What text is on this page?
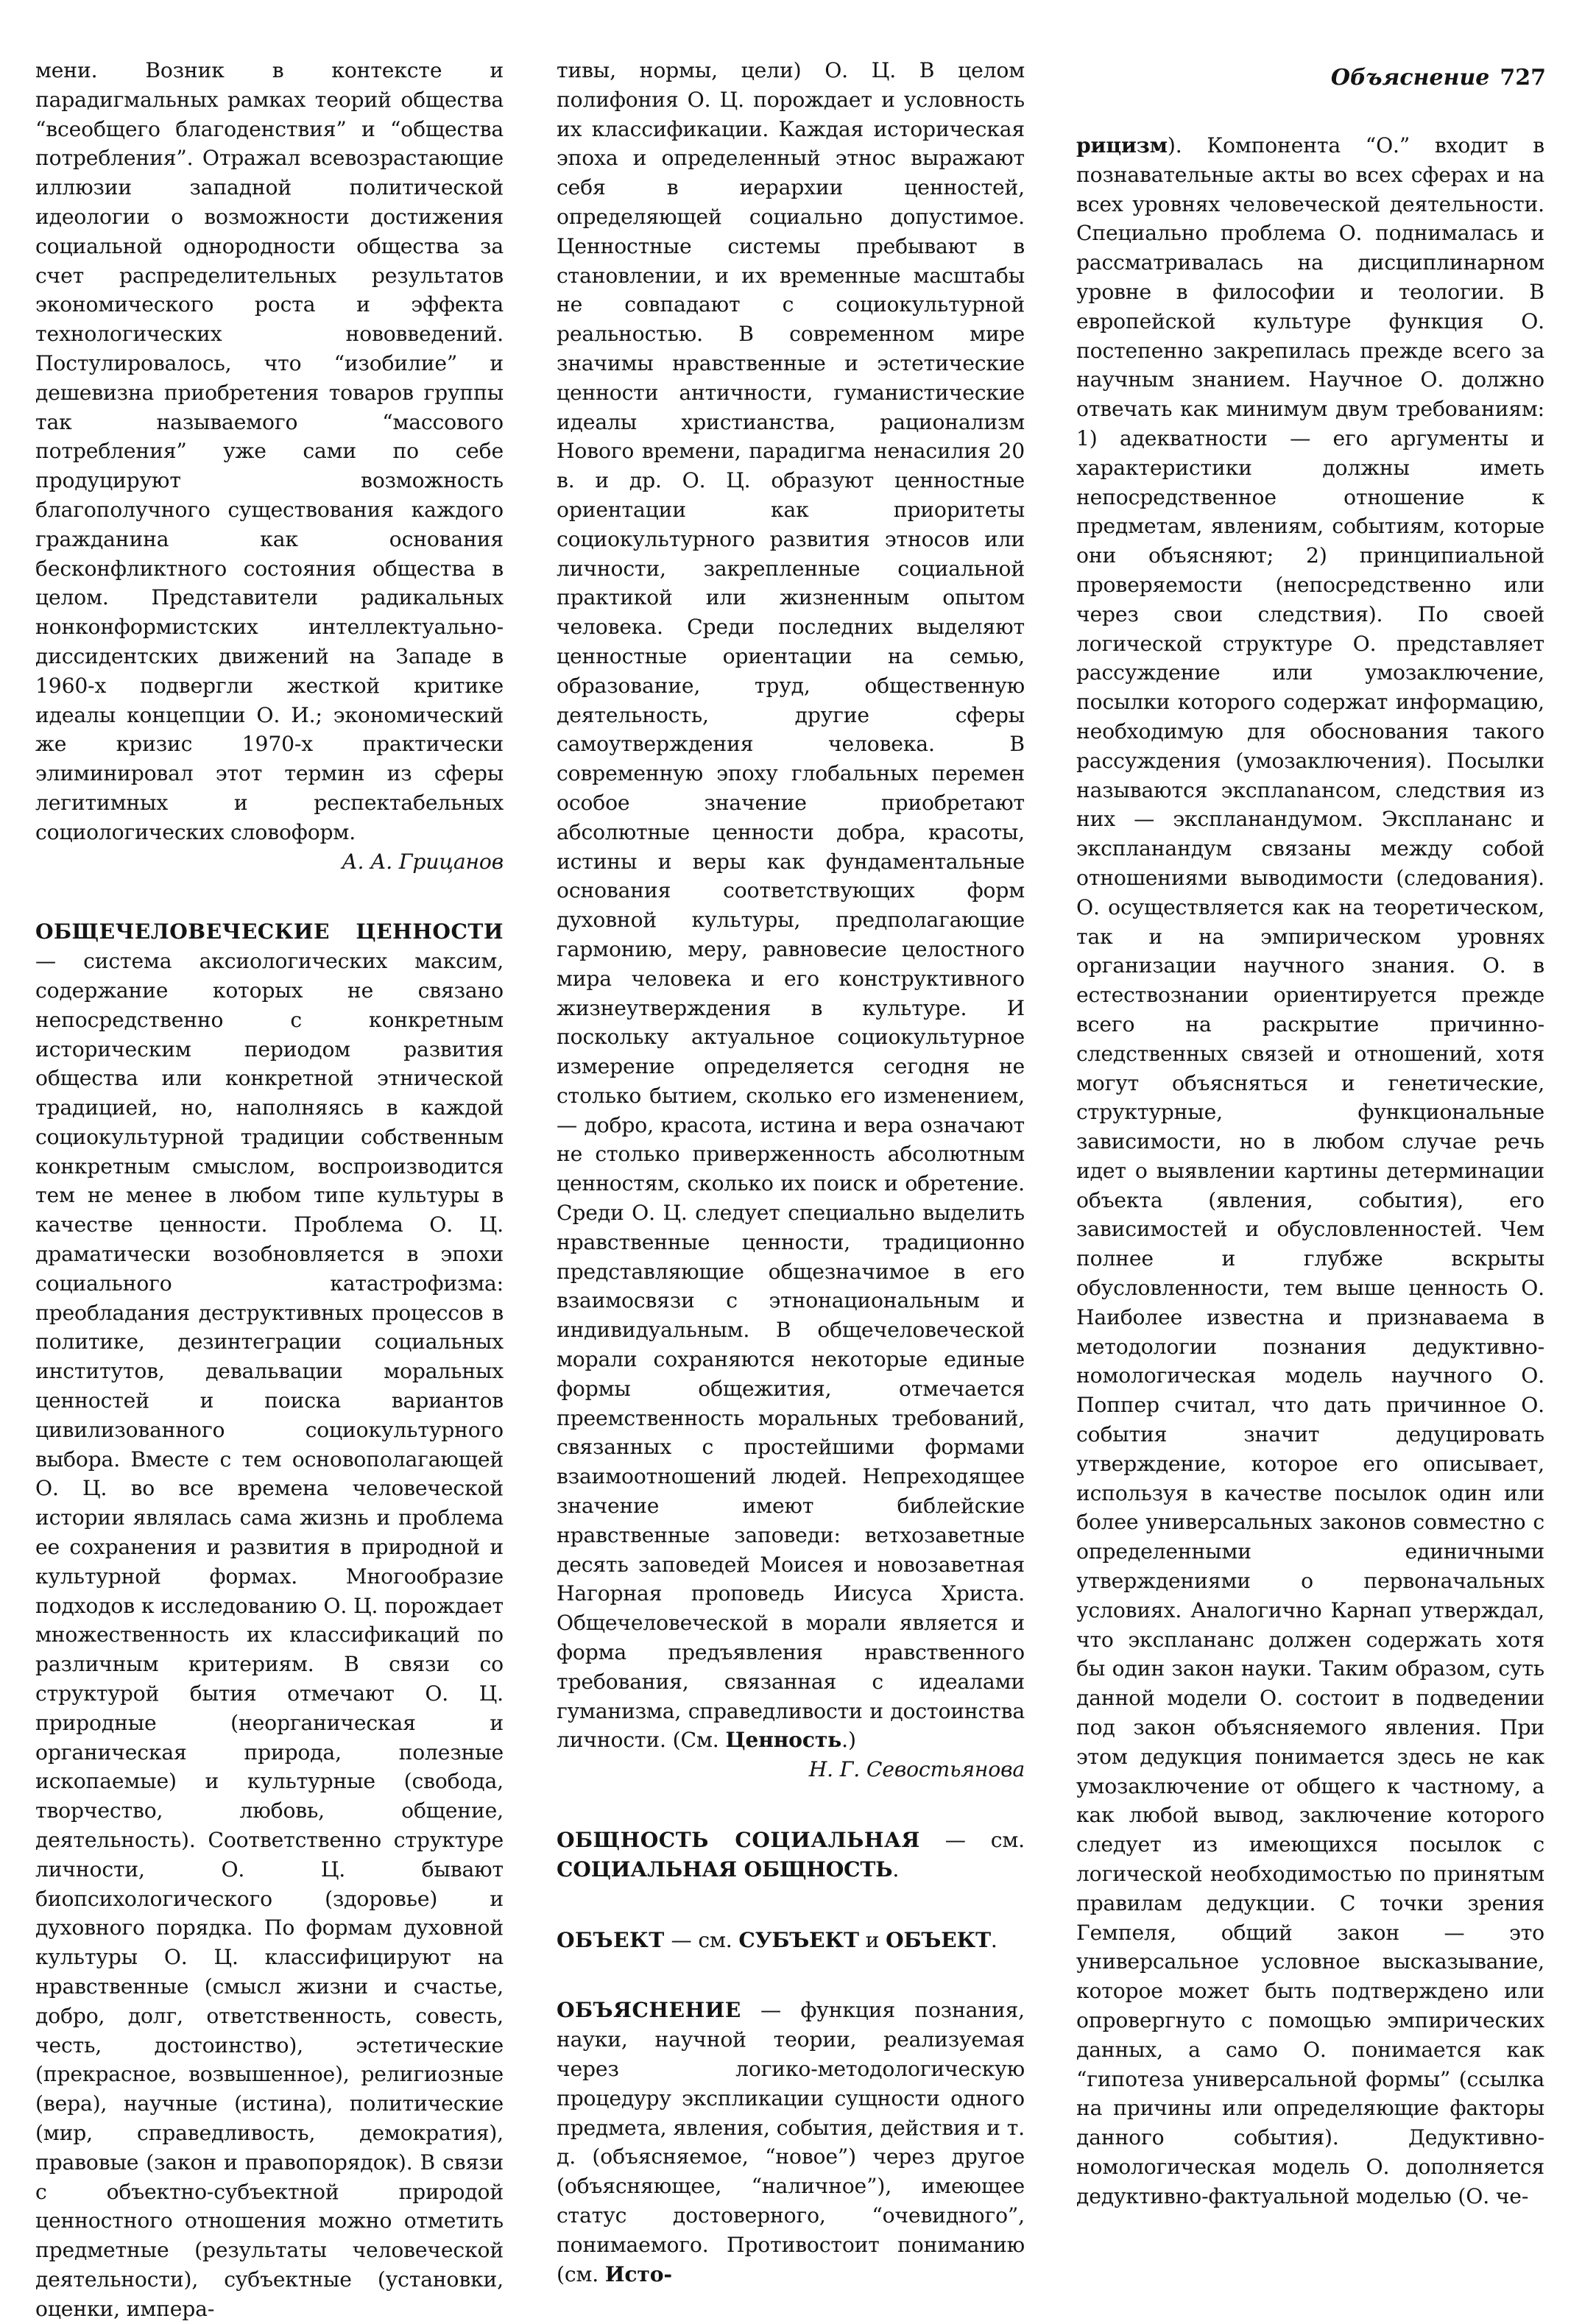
Объяснение 727

мени. Возник в контексте и парадигмальных рамках теорий общества “всеобщего благоденствия” и “общества потребления”. Отражал всевозрастающие иллюзии западной политической идеологии о возможности достижения социальной однородности общества за счет распределительных результатов экономического роста и эффекта технологических нововведений. Постулировалось, что “изобилие” и дешевизна приобретения товаров группы так называемого “массового потребления” уже сами по себе продуцируют возможность благополучного существования каждого гражданина как основания бесконфликтного состояния общества в целом. Представители радикальных нонконформистских интеллектуально-диссидентских движений на Западе в 1960-х подвергли жесткой критике идеалы концепции О. И.; экономический же кризис 1970-х практически элиминировал этот термин из сферы легитимных и респектабельных социологических словоформ.

А. А. Грицанов

ОБЩЕЧЕЛОВЕЧЕСКИЕ ЦЕННОСТИ — система аксиологических максим, содержание которых не связано непосредственно с конкретным историческим периодом развития общества или конкретной этнической традицией, но, наполняясь в каждой социокультурной традиции собственным конкретным смыслом, воспроизводится тем не менее в любом типе культуры в качестве ценности. Проблема О. Ц. драматически возобновляется в эпохи социального катастрофизма: преобладания деструктивных процессов в политике, дезинтеграции социальных институтов, девальвации моральных ценностей и поиска вариантов цивилизованного социокультурного выбора. Вместе с тем основополагающей О. Ц. во все времена человеческой истории являлась сама жизнь и проблема ее сохранения и развития в природной и культурной формах. Многообразие подходов к исследованию О. Ц. порождает множественность их классификаций по различным критериям. В связи со структурой бытия отмечают О. Ц. природные (неорганическая и органическая природа, полезные ископаемые) и культурные (свобода, творчество, любовь, общение, деятельность). Соответственно структуре личности, О. Ц. бывают биопсихологического (здоровье) и духовного порядка. По формам духовной культуры О. Ц. классифицируют на нравственные (смысл жизни и счастье, добро, долг, ответственность, совесть, честь, достоинство), эстетические (прекрасное, возвышенное), религиозные (вера), научные (истина), политические (мир, справедливость, демократия), правовые (закон и правопорядок). В связи с объектно-субъектной природой ценностного отношения можно отметить предметные (результаты человеческой деятельности), субъектные (установки, оценки, импера-

тивы, нормы, цели) О. Ц. В целом полифония О. Ц. порождает и условность их классификации. Каждая историческая эпоха и определенный этнос выражают себя в иерархии ценностей, определяющей социально допустимое. Ценностные системы пребывают в становлении, и их временные масштабы не совпадают с социокультурной реальностью. В современном мире значимы нравственные и эстетические ценности античности, гуманистические идеалы христианства, рационализм Нового времени, парадигма ненасилия 20 в. и др. О. Ц. образуют ценностные ориентации как приоритеты социокультурного развития этносов или личности, закрепленные социальной практикой или жизненным опытом человека. Среди последних выделяют ценностные ориентации на семью, образование, труд, общественную деятельность, другие сферы самоутверждения человека. В современную эпоху глобальных перемен особое значение приобретают абсолютные ценности добра, красоты, истины и веры как фундаментальные основания соответствующих форм духовной культуры, предполагающие гармонию, меру, равновесие целостного мира человека и его конструктивного жизнеутверждения в культуре. И поскольку актуальное социокультурное измерение определяется сегодня не столько бытием, сколько его изменением, — добро, красота, истина и вера означают не столько приверженность абсолютным ценностям, сколько их поиск и обретение. Среди О. Ц. следует специально выделить нравственные ценности, традиционно представляющие общезначимое в его взаимосвязи с этнонациональным и индивидуальным. В общечеловеческой морали сохраняются некоторые единые формы общежития, отмечается преемственность моральных требований, связанных с простейшими формами взаимоотношений людей. Непреходящее значение имеют библейские нравственные заповеди: ветхозаветные десять заповедей Моисея и новозаветная Нагорная проповедь Иисуса Христа. Общечеловеческой в морали является и форма предъявления нравственного требования, связанная с идеалами гуманизма, справедливости и достоинства личности. (См. Ценность.)

Н. Г. Севостьянова

ОБЩНОСТЬ СОЦИАЛЬНАЯ — см. СОЦИАЛЬНАЯ ОБЩНОСТЬ.

ОБЪЕКТ — см. СУБЪЕКТ и ОБЪЕКТ.

ОБЪЯСНЕНИЕ — функция познания, науки, научной теории, реализуемая через логико-методологическую процедуру экспликации сущности одного предмета, явления, события, действия и т. д. (объясняемое, “новое”) через другое (объясняющее, “наличное”), имеющее статус достоверного, “очевидного”, понимаемого. Противостоит пониманию (см. Исто-

рицизм). Компонента “О.” входит в познавательные акты во всех сферах и на всех уровнях человеческой деятельности. Специально проблема О. поднималась и рассматривалась на дисциплинарном уровне в философии и теологии. В европейской культуре функция О. постепенно закрепилась прежде всего за научным знанием. Научное О. должно отвечать как минимум двум требованиям: 1) адекватности — его аргументы и характеристики должны иметь непосредственное отношение к предметам, явлениям, событиям, которые они объясняют; 2) принципиальной проверяемости (непосредственно или через свои следствия). По своей логической структуре О. представляет рассуждение или умозаключение, посылки которого содержат информацию, необходимую для обоснования такого рассуждения (умозаключения). Посылки называются эксплanансом, следствия из них — экспланандумом. Эксплананс и экспланандум связаны между собой отношениями выводимости (следования). О. осуществляется как на теоретическом, так и на эмпирическом уровнях организации научного знания. О. в естествознании ориентируется прежде всего на раскрытие причинно-следственных связей и отношений, хотя могут объясняться и генетические, структурные, функциональные зависимости, но в любом случае речь идет о выявлении картины детерминации объекта (явления, события), его зависимостей и обусловленностей. Чем полнее и глубже вскрыты обусловленности, тем выше ценность О. Наиболее известна и признаваема в методологии познания дедуктивно-номологическая модель научного О. Поппер считал, что дать причинное О. события значит дедуцировать утверждение, которое его описывает, используя в качестве посылок один или более универсальных законов совместно с определенными единичными утверждениями о первоначальных условиях. Аналогично Карнап утверждал, что эксплананс должен содержать хотя бы один закон науки. Таким образом, суть данной модели О. состоит в подведении под закон объясняемого явления. При этом дедукция понимается здесь не как умозаключение от общего к частному, а как любой вывод, заключение которого следует из имеющихся посылок с логической необходимостью по принятым правилам дедукции. С точки зрения Гемпеля, общий закон — это универсальное условное высказывание, которое может быть подтверждено или опровергнуто с помощью эмпирических данных, а само О. понимается как “гипотеза универсальной формы” (ссылка на причины или определяющие факторы данного события). Дедуктивно-номологическая модель О. дополняется дедуктивно-фактуальной моделью (О. че-
